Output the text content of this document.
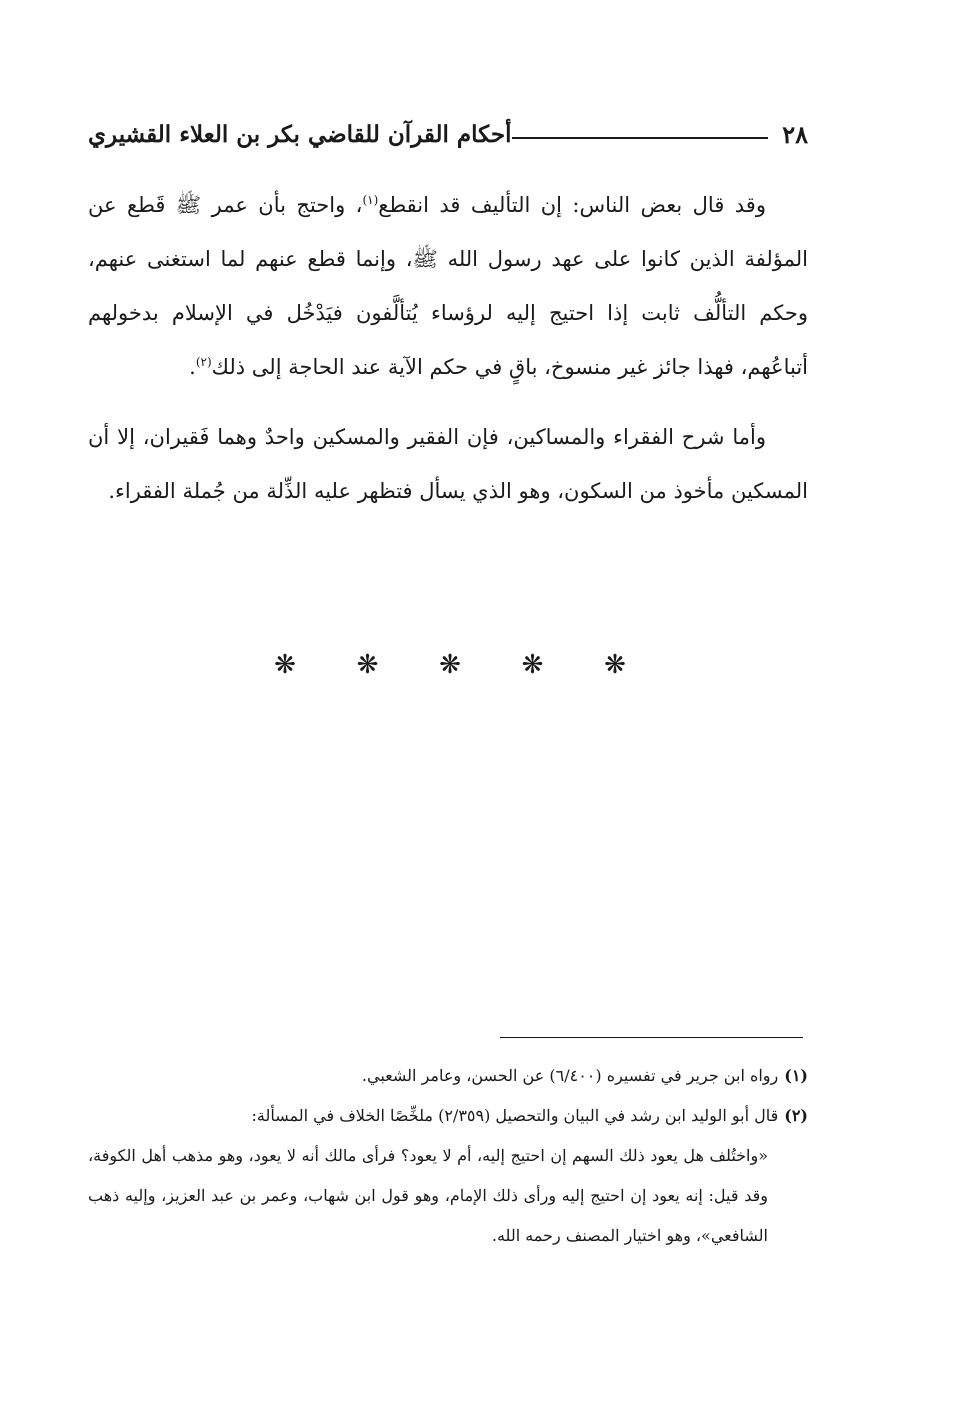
٢٨
أحكام القرآن للقاضي بكر بن العلاء القشيري

وقد قال بعض الناس: إن التأليف قد انقطع$^{(١)}$، واحتج بأن عمر ﷺ قَطع عن المؤلفة الذين كانوا على عهد رسول الله ﷺ، وإنما قطع عنهم لما استغنى عنهم، وحكم التألُّف ثابت إذا احتيج إليه لرؤساء يُتألَّفون فيَدْخُل في الإسلام بدخولهم أتباعُهم، فهذا جائز غير منسوخ، باقٍ في حكم الآية عند الحاجة إلى ذلك$^{(٢)}$.

وأما شرح الفقراء والمساكين، فإن الفقير والمسكين واحدٌ وهما فَقيران، إلا أن المسكين مأخوذ من السكون، وهو الذي يسأل فتظهر عليه الذِّلة من جُملة الفقراء.

❋ ❋ ❋ ❋ ❋

(١)رواه ابن جرير في تفسيره (٦/٤٠٠) عن الحسن، وعامر الشعبي.

(٢)قال أبو الوليد ابن رشد في البيان والتحصيل (٢/٣٥٩) ملخِّصًا الخلاف في المسألة:

«واختُلف هل يعود ذلك السهم إن احتيج إليه، أم لا يعود؟ فرأى مالك أنه لا يعود، وهو مذهب أهل الكوفة، وقد قيل: إنه يعود إن احتيج إليه ورأى ذلك الإمام، وهو قول ابن شهاب، وعمر بن عبد العزيز، وإليه ذهب الشافعي»، وهو اختيار المصنف رحمه الله.
